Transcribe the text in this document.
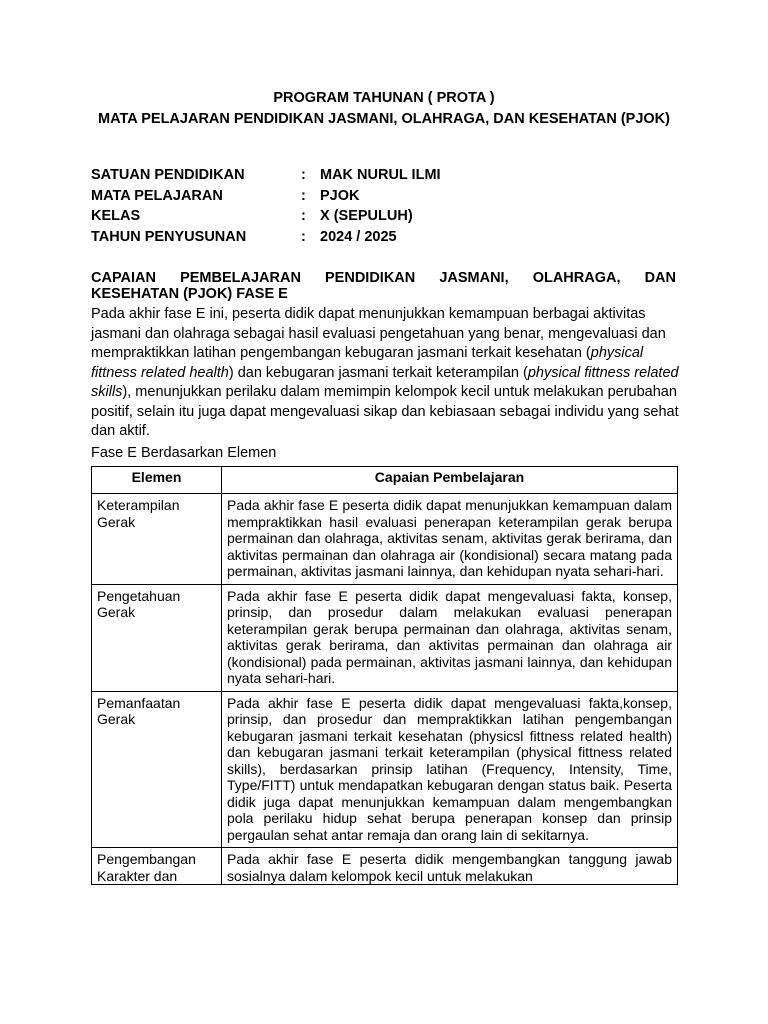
PROGRAM TAHUNAN ( PROTA )
MATA PELAJARAN PENDIDIKAN JASMANI, OLAHRAGA, DAN KESEHATAN (PJOK)
SATUAN PENDIDIKAN	: MAK NURUL ILMI
MATA PELAJARAN	: PJOK
KELAS	: X (SEPULUH)
TAHUN PENYUSUNAN	: 2024 / 2025
CAPAIAN PEMBELAJARAN PENDIDIKAN JASMANI, OLAHRAGA, DAN
KESEHATAN (PJOK) FASE E

Pada akhir fase E ini, peserta didik dapat menunjukkan kemampuan berbagai aktivitas jasmani dan olahraga sebagai hasil evaluasi pengetahuan yang benar, mengevaluasi dan mempraktikkan latihan pengembangan kebugaran jasmani terkait kesehatan (physical fittness related health) dan kebugaran jasmani terkait keterampilan (physical fittness related skills), menunjukkan perilaku dalam memimpin kelompok kecil untuk melakukan perubahan positif, selain itu juga dapat mengevaluasi sikap dan kebiasaan sebagai individu yang sehat dan aktif.

Fase E Berdasarkan Elemen
Elemen	Capaian Pembelajaran
Keterampilan Gerak	Pada akhir fase E peserta didik dapat menunjukkan kemampuan dalam mempraktikkan hasil evaluasi penerapan keterampilan gerak berupa permainan dan olahraga, aktivitas senam, aktivitas gerak berirama, dan aktivitas permainan dan olahraga air (kondisional) secara matang pada permainan, aktivitas jasmani lainnya, dan kehidupan nyata sehari-hari.
Pengetahuan Gerak	Pada akhir fase E peserta didik dapat mengevaluasi fakta, konsep, prinsip, dan prosedur dalam melakukan evaluasi penerapan keterampilan gerak berupa permainan dan olahraga, aktivitas senam, aktivitas gerak berirama, dan aktivitas permainan dan olahraga air (kondisional) pada permainan, aktivitas jasmani lainnya, dan kehidupan nyata sehari-hari.
Pemanfaatan Gerak	Pada akhir fase E peserta didik dapat mengevaluasi fakta,konsep, prinsip, dan prosedur dan mempraktikkan latihan pengembangan kebugaran jasmani terkait kesehatan (physicsl fittness related health) dan kebugaran jasmani terkait keterampilan (physical fittness related skills), berdasarkan prinsip latihan (Frequency, Intensity, Time, Type/FITT) untuk mendapatkan kebugaran dengan status baik. Peserta didik juga dapat menunjukkan kemampuan dalam mengembangkan pola perilaku hidup sehat berupa penerapan konsep dan prinsip pergaulan sehat antar remaja dan orang lain di sekitarnya.
Pengembangan Karakter dan	Pada akhir fase E peserta didik mengembangkan tanggung jawab sosialnya dalam kelompok kecil untuk melakukan
